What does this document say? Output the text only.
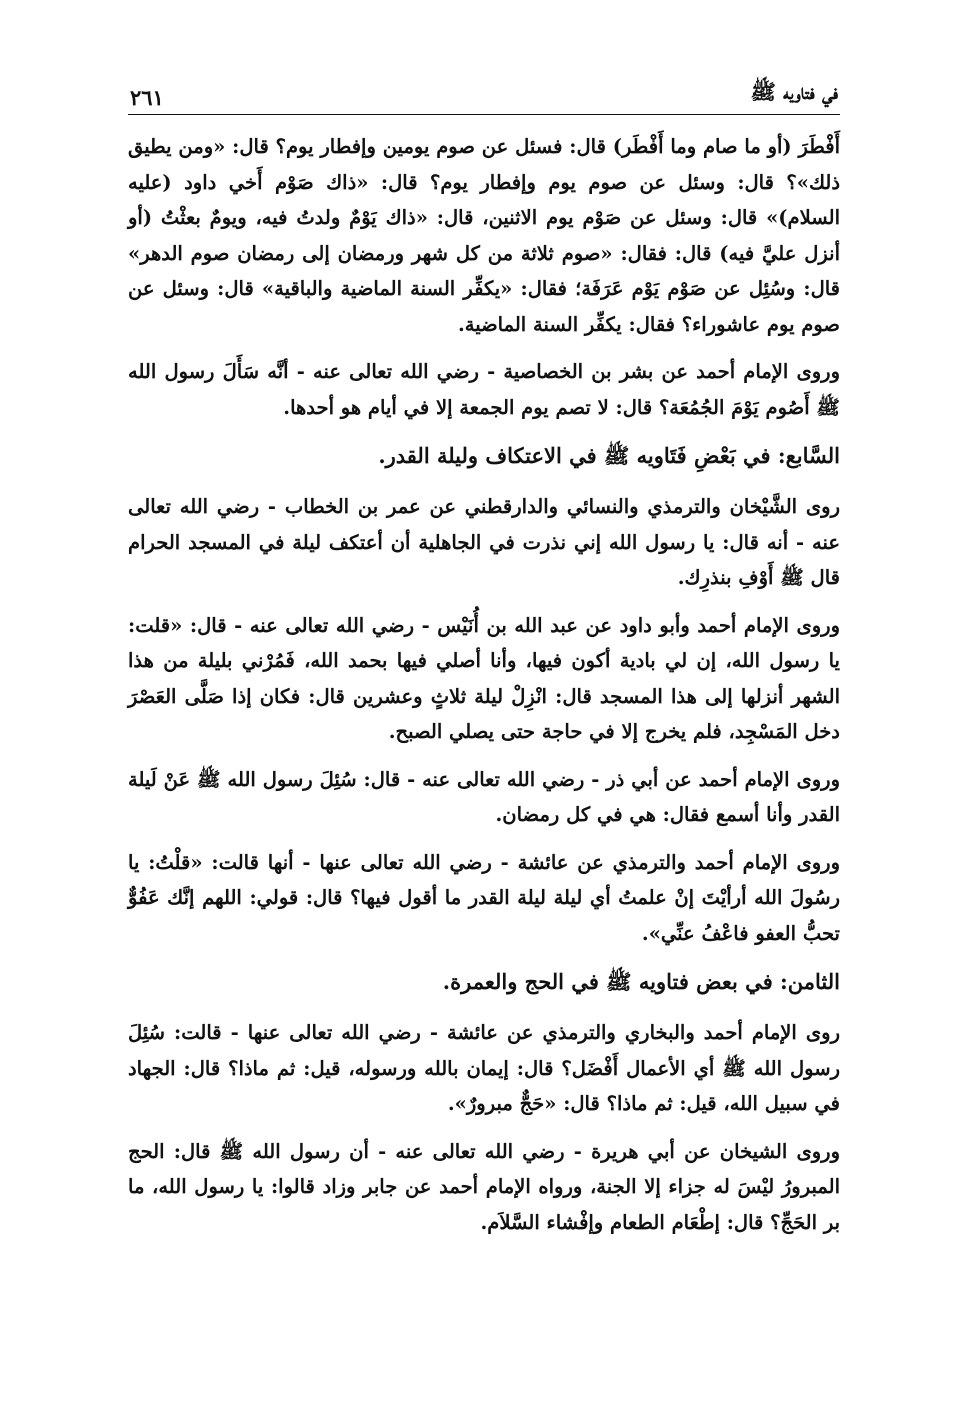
في فتاويه ﷺ
٢٦١

أَفْطَرَ (أو ما صام وما أَفْطَر) قال: فسئل عن صوم يومين وإفطار يوم؟ قال: «ومن يطيق ذلك»؟ قال: وسئل عن صوم يوم وإفطار يوم؟ قال: «ذاك صَوْم أَخي داود (عليه السلام)» قال: وسئل عن صَوْم يوم الاثنين، قال: «ذاك يَوْمٌ ولدتُ فيه، ويومٌ بعثْتُ (أو أنزل عليَّ فيه) قال: فقال: «صوم ثلاثة من كل شهر ورمضان إلى رمضان صوم الدهر» قال: وسُئِل عن صَوْم يَوْم عَرَفَة؛ فقال: «يكفِّر السنة الماضية والباقية» قال: وسئل عن صوم يوم عاشوراء؟ فقال: يكفِّر السنة الماضية.

وروى الإمام أحمد عن بشر بن الخصاصية - رضي الله تعالى عنه - أنَّه سَأَلَ رسول الله ﷺ أَصُوم يَوْمَ الجُمُعَة؟ قال: لا تصم يوم الجمعة إلا في أيام هو أحدها.

السَّابع: في بَعْضِ فَتَاويه ﷺ في الاعتكاف وليلة القدر.

روى الشَّيْخان والترمذي والنسائي والدارقطني عن عمر بن الخطاب - رضي الله تعالى عنه - أنه قال: يا رسول الله إني نذرت في الجاهلية أن أعتكف ليلة في المسجد الحرام قال ﷺ أَوْفِ بنذرِك.

وروى الإمام أحمد وأبو داود عن عبد الله بن أُنَيْس - رضي الله تعالى عنه - قال: «قلت: يا رسول الله، إن لي بادية أكون فيها، وأنا أصلي فيها بحمد الله، فَمُرْني بليلة من هذا الشهر أنزلها إلى هذا المسجد قال: انْزِلْ ليلة ثلاثٍ وعشرين قال: فكان إذا صَلَّى العَصْرَ دخل المَسْجِد، فلم يخرج إلا في حاجة حتى يصلي الصبح.

وروى الإمام أحمد عن أبي ذر - رضي الله تعالى عنه - قال: سُئِلَ رسول الله ﷺ عَنْ لَيلة القدر وأنا أسمع فقال: هي في كل رمضان.

وروى الإمام أحمد والترمذي عن عائشة - رضي الله تعالى عنها - أنها قالت: «قلْتُ: يا رسُولَ الله أرأيْتَ إنْ علمتُ أي ليلة ليلة القدر ما أقول فيها؟ قال: قولي: اللهم إنَّك عَفُوٌّ تحبُّ العفو فاعْفُ عنِّي».

الثامن: في بعض فتاويه ﷺ في الحج والعمرة.

روى الإمام أحمد والبخاري والترمذي عن عائشة - رضي الله تعالى عنها - قالت: سُئِلَ رسول الله ﷺ أي الأعمال أَفْضَل؟ قال: إيمان بالله ورسوله، قيل: ثم ماذا؟ قال: الجهاد في سبيل الله، قيل: ثم ماذا؟ قال: «حَجٌّ مبرورٌ».

وروى الشيخان عن أبي هريرة - رضي الله تعالى عنه - أن رسول الله ﷺ قال: الحج المبرورُ ليْسَ له جزاء إلا الجنة، ورواه الإمام أحمد عن جابر وزاد قالوا: يا رسول الله، ما بر الحَجِّ؟ قال: إطْعَام الطعام وإفْشاء السَّلاَم.
